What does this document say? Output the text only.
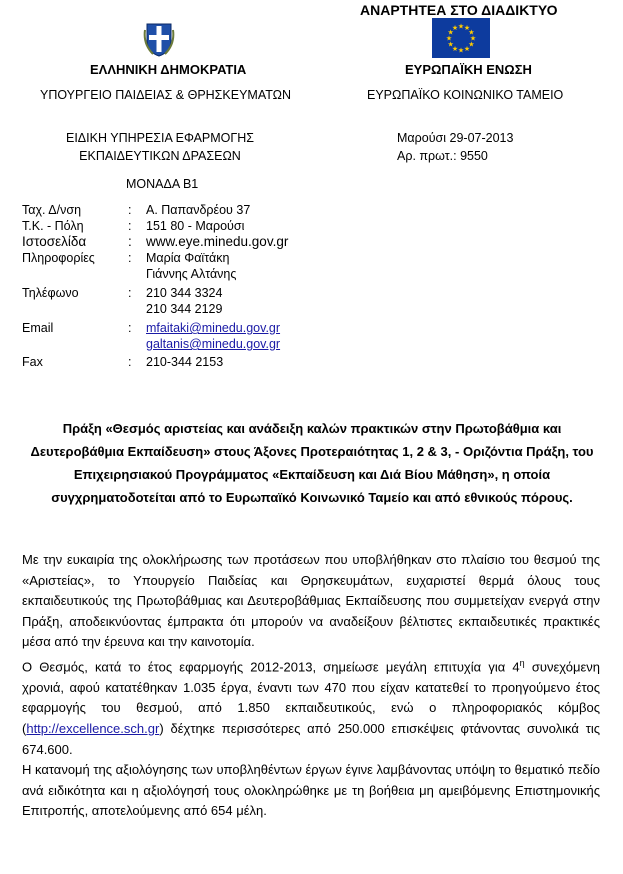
★ ★
★
★
★
★
★
★
★
★
★
★
ΑΝΑΡΤΗΤΕΑ ΣΤΟ ΔΙΑΔΙΚΤΥΟ
ΕΛΛΗΝΙΚΗ ΔΗΜΟΚΡΑΤΙΑ
ΥΠΟΥΡΓΕΙΟ ΠΑΙΔΕΙΑΣ & ΘΡΗΣΚΕΥΜΑΤΩΝ
ΕΙΔΙΚΗ ΥΠΗΡΕΣΙΑ ΕΦΑΡΜΟΓΗΣ
ΕΚΠΑΙΔΕΥΤΙΚΩΝ ΔΡΑΣΕΩΝ
ΜΟΝΑΔΑ Β1
ΕΥΡΩΠΑΪΚΗ ΕΝΩΣΗ
ΕΥΡΩΠΑΪΚΟ ΚΟΙΝΩΝΙΚΟ ΤΑΜΕΙΟ
Μαρούσι 29-07-2013
Αρ. πρωτ.: 9550
Ταχ. Δ/νση	:	Α. Παπανδρέου 37
Τ.Κ. - Πόλη	:	151 80 - Μαρούσι
Ιστοσελίδα	:	www.eye.minedu.gov.gr
Πληροφορίες	:	Μαρία Φαϊτάκη
Γιάννης Αλτάνης
Τηλέφωνο	:	210 344 3324
210 344 2129
Email	:	mfaitaki@minedu.gov.gr
galtanis@minedu.gov.gr
Fax	:	210-344 2153
Πράξη «Θεσμός αριστείας και ανάδειξη καλών πρακτικών στην Πρωτοβάθμια και Δευτεροβάθμια Εκπαίδευση» στους Άξονες Προτεραιότητας 1, 2 & 3, - Οριζόντια Πράξη, του Επιχειρησιακού Προγράμματος «Εκπαίδευση και Διά Βίου Μάθηση», η οποία συγχρηματοδοτείται από το Ευρωπαϊκό Κοινωνικό Ταμείο και από εθνικούς πόρους.

Με την ευκαιρία της ολοκλήρωσης των προτάσεων που υποβλήθηκαν στο πλαίσιο του θεσμού της «Αριστείας», το Υπουργείο Παιδείας και Θρησκευμάτων, ευχαριστεί θερμά όλους τους εκπαιδευτικούς της Πρωτοβάθμιας και Δευτεροβάθμιας Εκπαίδευσης που συμμετείχαν ενεργά στην Πράξη, αποδεικνύοντας έμπρακτα ότι μπορούν να αναδείξουν βέλτιστες εκπαιδευτικές πρακτικές μέσα από την έρευνα και την καινοτομία.

Ο Θεσμός, κατά το έτος εφαρμογής 2012-2013, σημείωσε μεγάλη επιτυχία για $4^\eta$ συνεχόμενη χρονιά, αφού κατατέθηκαν 1.035 έργα, έναντι των 470 που είχαν κατατεθεί το προηγούμενο έτος εφαρμογής του θεσμού, από 1.850 εκπαιδευτικούς, ενώ ο πληροφοριακός κόμβος (http://excellence.sch.gr) δέχτηκε περισσότερες από 250.000 επισκέψεις φτάνοντας συνολικά τις 674.600.

Η κατανομή της αξιολόγησης των υποβληθέντων έργων έγινε λαμβάνοντας υπόψη το θεματικό πεδίο ανά ειδικότητα και η αξιολόγησή τους ολοκληρώθηκε με τη βοήθεια μη αμειβόμενης Επιστημονικής Επιτροπής, αποτελούμενης από 654 μέλη.
